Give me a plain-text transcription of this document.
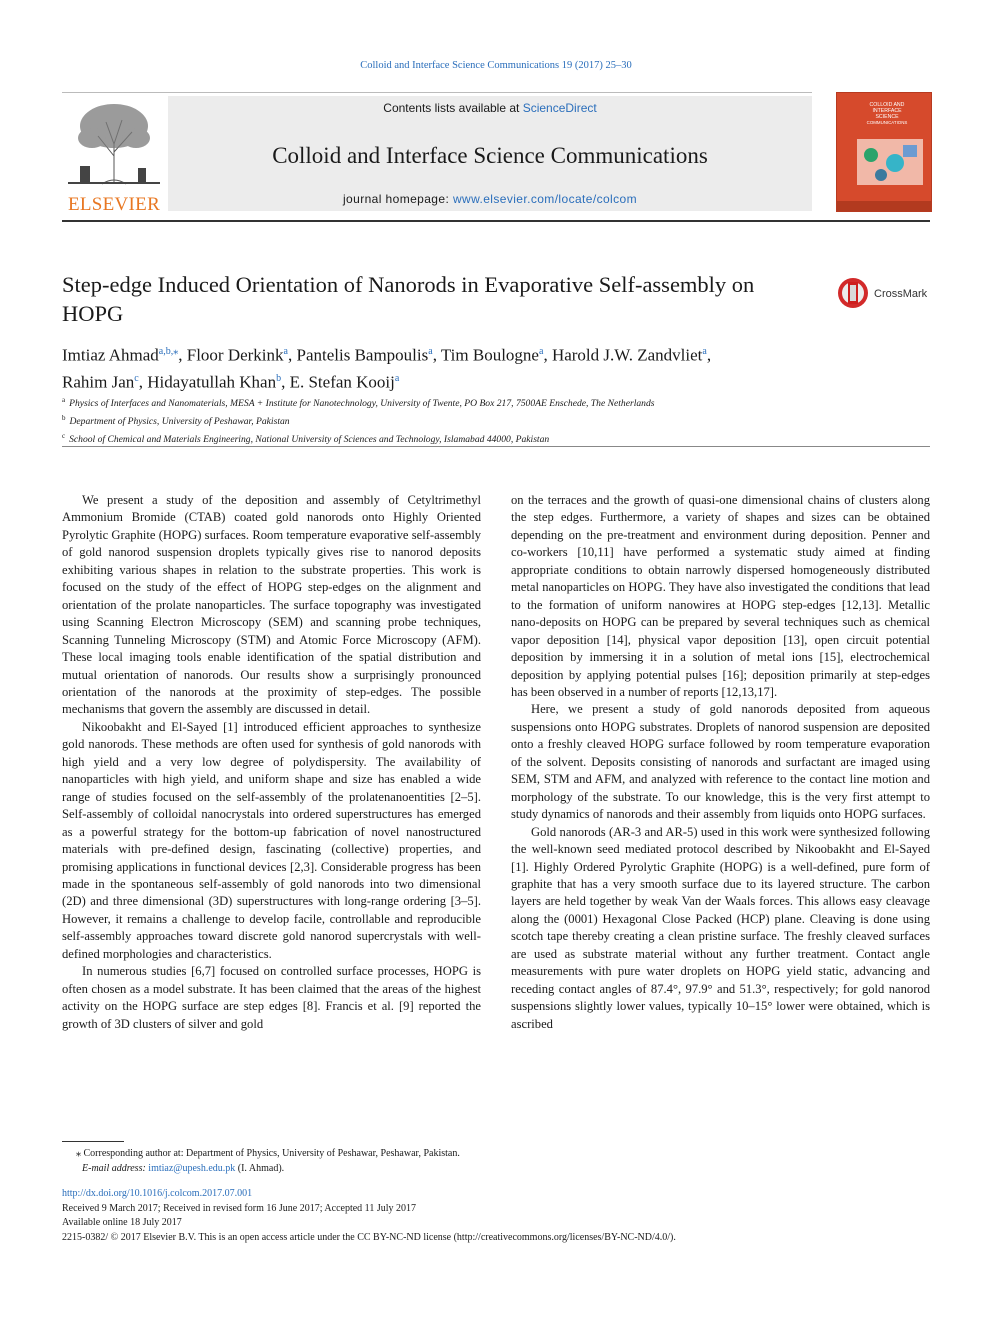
Colloid and Interface Science Communications 19 (2017) 25–30
ELSEVIER
Contents lists available at ScienceDirect
Colloid and Interface Science Communications
journal homepage: www.elsevier.com/locate/colcom
COLLOID AND
INTERFACE
SCIENCE
COMMUNICATIONS
Step-edge Induced Orientation of Nanorods in Evaporative Self-assembly on
HOPG
CrossMark
Imtiaz Ahmad$^{a,b,⁎}$, Floor Derkink$^a$, Pantelis Bampoulis$^a$, Tim Boulogne$^a$, Harold J.W. Zandvliet$^a$,
Rahim Jan$^c$, Hidayatullah Khan$^b$, E. Stefan Kooij$^a$
$^a$ Physics of Interfaces and Nanomaterials, MESA + Institute for Nanotechnology, University of Twente, PO Box 217, 7500AE Enschede, The Netherlands
$^b$ Department of Physics, University of Peshawar, Pakistan
$^c$ School of Chemical and Materials Engineering, National University of Sciences and Technology, Islamabad 44000, Pakistan

We present a study of the deposition and assembly of Cetyltrimethyl Ammonium Bromide (CTAB) coated gold nanorods onto Highly Oriented Pyrolytic Graphite (HOPG) surfaces. Room temperature evaporative self-assembly of gold nanorod suspension droplets typically gives rise to nanorod deposits exhibiting various shapes in relation to the substrate properties. This work is focused on the study of the effect of HOPG step-edges on the alignment and orientation of the prolate nanoparticles. The surface topography was investigated using Scanning Electron Microscopy (SEM) and scanning probe techniques, Scanning Tunneling Microscopy (STM) and Atomic Force Microscopy (AFM). These local imaging tools enable identification of the spatial distribution and mutual orientation of nanorods. Our results show a surprisingly pronounced orientation of the nanorods at the proximity of step-edges. The possible mechanisms that govern the assembly are discussed in detail.

Nikoobakht and El-Sayed [1] introduced efficient approaches to synthesize gold nanorods. These methods are often used for synthesis of gold nanorods with high yield and a very low degree of polydispersity. The availability of nanoparticles with high yield, and uniform shape and size has enabled a wide range of studies focused on the self-assembly of the prolatenanoentities [2–5]. Self-assembly of colloidal nanocrystals into ordered superstructures has emerged as a powerful strategy for the bottom-up fabrication of novel nanostructured materials with pre-defined design, fascinating (collective) properties, and promising applications in functional devices [2,3]. Considerable progress has been made in the spontaneous self-assembly of gold nanorods into two dimensional (2D) and three dimensional (3D) superstructures with long-range ordering [3–5]. However, it remains a challenge to develop facile, controllable and reproducible self-assembly approaches toward discrete gold nanorod supercrystals with well-defined morphologies and characteristics.

In numerous studies [6,7] focused on controlled surface processes, HOPG is often chosen as a model substrate. It has been claimed that the areas of the highest activity on the HOPG surface are step edges [8]. Francis et al. [9] reported the growth of 3D clusters of silver and gold

on the terraces and the growth of quasi-one dimensional chains of clusters along the step edges. Furthermore, a variety of shapes and sizes can be obtained depending on the pre-treatment and environment during deposition. Penner and co-workers [10,11] have performed a systematic study aimed at finding appropriate conditions to obtain narrowly dispersed homogeneously distributed metal nanoparticles on HOPG. They have also investigated the conditions that lead to the formation of uniform nanowires at HOPG step-edges [12,13]. Metallic nano-deposits on HOPG can be prepared by several techniques such as chemical vapor deposition [14], physical vapor deposition [13], open circuit potential deposition by immersing it in a solution of metal ions [15], electrochemical deposition by applying potential pulses [16]; deposition primarily at step-edges has been observed in a number of reports [12,13,17].

Here, we present a study of gold nanorods deposited from aqueous suspensions onto HOPG substrates. Droplets of nanorod suspension are deposited onto a freshly cleaved HOPG surface followed by room temperature evaporation of the solvent. Deposits consisting of nanorods and surfactant are imaged using SEM, STM and AFM, and analyzed with reference to the contact line motion and morphology of the substrate. To our knowledge, this is the very first attempt to study dynamics of nanorods and their assembly from liquids onto HOPG surfaces.

Gold nanorods (AR-3 and AR-5) used in this work were synthesized following the well-known seed mediated protocol described by Nikoobakht and El-Sayed [1]. Highly Ordered Pyrolytic Graphite (HOPG) is a well-defined, pure form of graphite that has a very smooth surface due to its layered structure. The carbon layers are held together by weak Van der Waals forces. This allows easy cleavage along the (0001) Hexagonal Close Packed (HCP) plane. Cleaving is done using scotch tape thereby creating a clean pristine surface. The freshly cleaved surfaces are used as substrate material without any further treatment. Contact angle measurements with pure water droplets on HOPG yield static, advancing and receding contact angles of 87.4°, 97.9° and 51.3°, respectively; for gold nanorod suspensions slightly lower values, typically 10–15° lower were obtained, which is ascribed

⁎ Corresponding author at: Department of Physics, University of Peshawar, Peshawar, Pakistan.
E-mail address: imtiaz@upesh.edu.pk (I. Ahmad).
http://dx.doi.org/10.1016/j.colcom.2017.07.001
Received 9 March 2017; Received in revised form 16 June 2017; Accepted 11 July 2017
Available online 18 July 2017
2215-0382/ © 2017 Elsevier B.V. This is an open access article under the CC BY-NC-ND license (http://creativecommons.org/licenses/BY-NC-ND/4.0/).
